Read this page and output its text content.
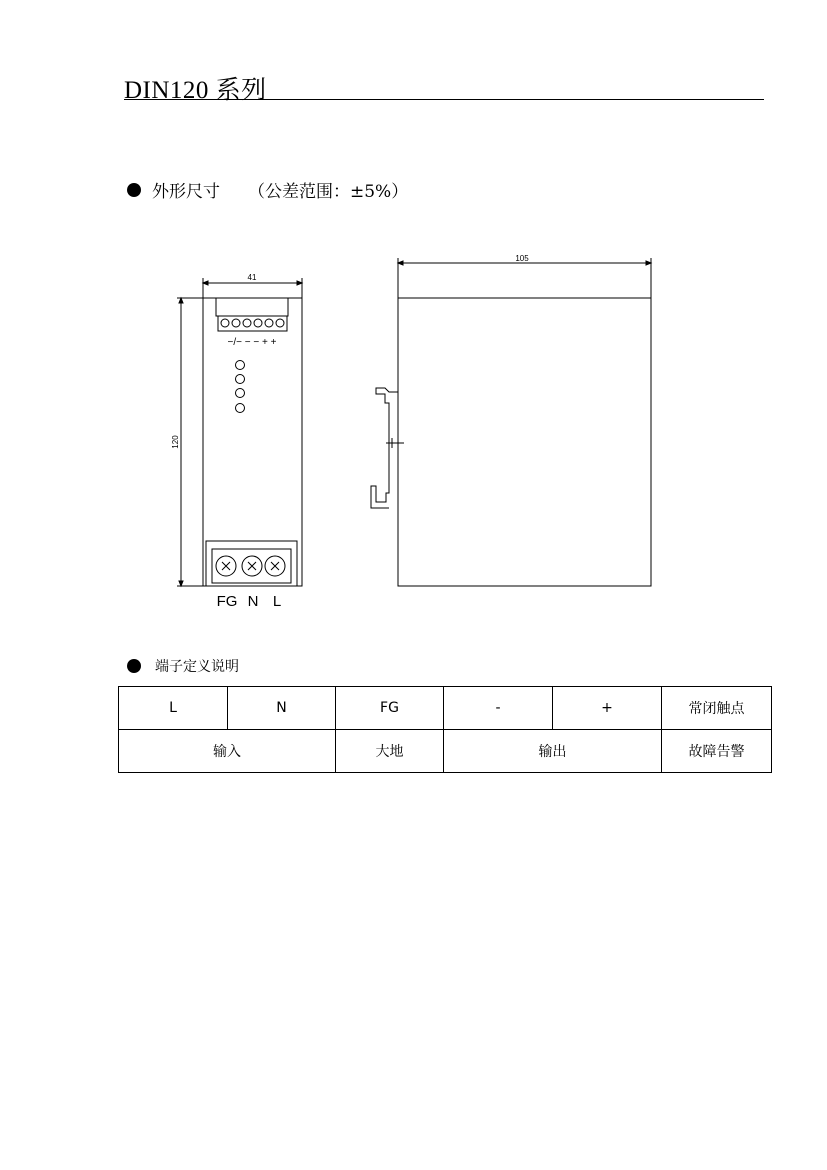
DIN120 系列
外形尺寸 （公差范围：±5%）
41
120
105
−/− − − + +
FG N L
端子定义说明
L	N	FG	-	+	常闭触点
输入		大地	输出		故障告警
